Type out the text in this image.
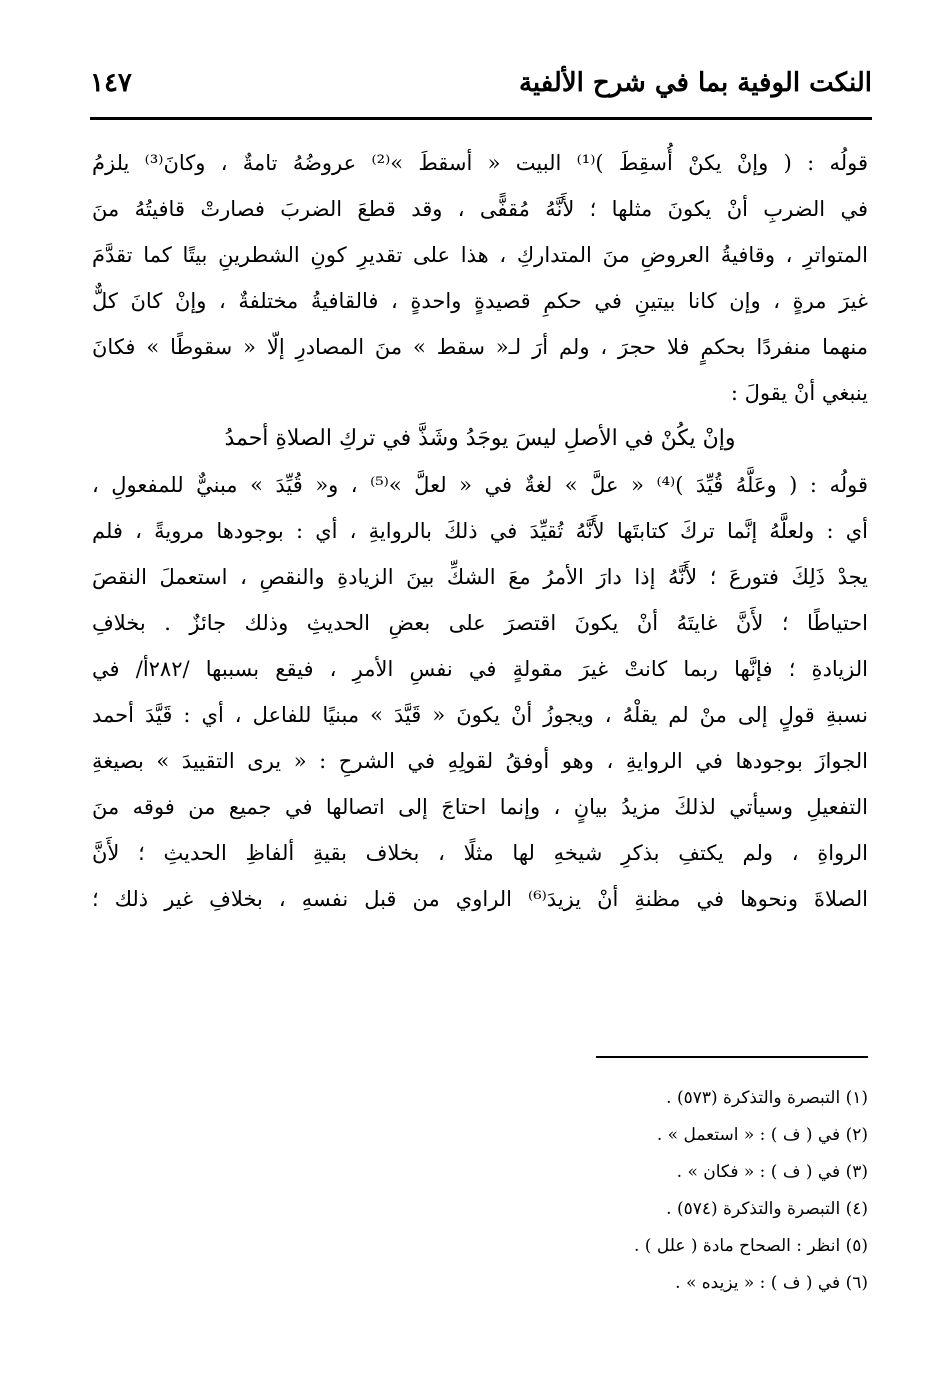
النكت الوفية بما في شرح الألفية
١٤٧
قولُه : ( وإنْ يكنْ أُسقِطَ )⁽¹⁾ البيت « أسقطَ »⁽²⁾ عروضُهُ تامةٌ ، وكانَ⁽³⁾ يلزمُ
في الضربِ أنْ يكونَ مثلها ؛ لأَنَّهُ مُقفًّى ، وقد قطعَ الضربَ فصارتْ قافيتُهُ منَ
المتواترِ ، وقافيةُ العروضِ منَ المتداركِ ، هذا على تقديرِ كونِ الشطرينِ بيتًا كما تقدَّمَ
غيرَ مرةٍ ، وإن كانا بيتينِ في حكمِ قصيدةٍ واحدةٍ ، فالقافيةُ مختلفةٌ ، وإنْ كانَ كلٌّ
منهما منفردًا بحكمٍ فلا حجرَ ، ولم أرَ لـ« سقط » منَ المصادرِ إلّا « سقوطًا » فكانَ
ينبغي أنْ يقولَ :
وإنْ يكُنْ في الأصلِ ليسَ يوجَدُ وشَذَّ في تركِ الصلاةِ أحمدُ
قولُه : ( وعَلَّهُ قُيِّدَ )⁽⁴⁾ « علَّ » لغةٌ في « لعلَّ »⁽⁵⁾ ، و« قُيِّدَ » مبنيٌّ للمفعولِ ،
أي : ولعلَّهُ إنَّما تركَ كتابتَها لأَنَّهُ تُقيِّدَ في ذلكَ بالروايةِ ، أي : بوجودها مرويةً ، فلم
يجدْ ذَلِكَ فتورعَ ؛ لأَنَّهُ إذا دارَ الأمرُ معَ الشكِّ بينَ الزيادةِ والنقصِ ، استعملَ النقصَ
احتياطًا ؛ لأَنَّ غايتَهُ أنْ يكونَ اقتصرَ على بعضِ الحديثِ وذلك جائزٌ . بخلافِ
الزيادةِ ؛ فإنَّها ربما كانتْ غيرَ مقولةٍ في نفسِ الأمرِ ، فيقع بسببها /٢٨٢أ/ في
نسبةِ قولٍ إلى منْ لم يقلْهُ ، ويجوزُ أنْ يكونَ « قَيَّدَ » مبنيًا للفاعل ، أي : قَيَّدَ أحمد
الجوازَ بوجودها في الروايةِ ، وهو أوفقُ لقولِهِ في الشرحِ : « يرى التقييدَ » بصيغةِ
التفعيلِ وسيأتي لذلكَ مزيدُ بيانٍ ، وإنما احتاجَ إلى اتصالها في جميع من فوقه منَ
الرواةِ ، ولم يكتفِ بذكرِ شيخهِ لها مثلًا ، بخلاف بقيةِ ألفاظِ الحديثِ ؛ لأَنَّ
الصلاةَ ونحوها في مظنةِ أنْ يزيدَ⁽⁶⁾ الراوي من قبل نفسهِ ، بخلافِ غير ذلك ؛
(١) التبصرة والتذكرة (٥٧٣) .
(٢) في ( ف ) : « استعمل » .
(٣) في ( ف ) : « فكان » .
(٤) التبصرة والتذكرة (٥٧٤) .
(٥) انظر : الصحاح مادة ( علل ) .
(٦) في ( ف ) : « يزيده » .
